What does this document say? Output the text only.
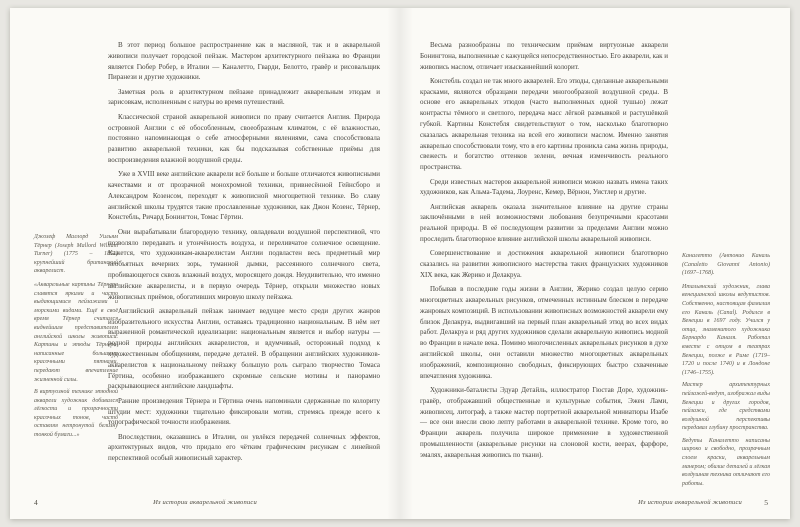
В этот период большое распространение как в масляной, так и в акварельной живописи получает городской пейзаж. Мастером архитектурного пейзажа во Франции является Гюбер Робер, в Италии — Каналетто, Гварди, Белотто, гравёр и рисовальщик Пиранези и другие художники.

Заметная роль в архитектурном пейзаже принадлежит акварельным этюдам и зарисовкам, исполненным с натуры во время путешествий.

Классической страной акварельной живописи по праву считается Англия. Природа островной Англии с её обособленным, своеобразным климатом, с её влажностью, постоянно напоминающая о себе атмосферными явлениями, сама способствовала развитию акварельной техники, как бы подсказывая собственные приёмы для воспроизведения влажной воздушной среды.

Уже в XVIII веке английские акварели всё больше и больше отличаются живописными качествами и от прозрачной монохромной техники, привнесённой Гейнсборо и Александром Козенсом, переходят к живописной многоцветной технике. Во славу английской школы трудятся такие прославленные художники, как Джон Козенс, Тёрнер, Констебль, Ричард Бонингтон, Томас Гёртин.

Они вырабатывали благородную технику, овладевали воздушной перспективой, что позволяло передавать и утончённость воздуха, и переливчатое солнечное освещение. Кажется, что художникам-акварелистам Англии подвластен весь предметный мир необъятных вечерних зорь, туманной дымки, рассеянного солнечного света, пробивающегося сквозь влажный воздух, моросящего дождя. Неудивительно, что именно английские акварелисты, и в первую очередь Тёрнер, открыли множество новых живописных приёмов, обогативших мировую школу пейзажа.

Английский акварельный пейзаж занимает ведущее место среди других жанров изобразительного искусства Англии, оставаясь традиционно национальным. В нём нет выраженной романтической идеализации: национальным является и выбор натуры — родной природы английских акварелистов, и вдумчивый, осторожный подход к художественным обобщениям, передаче деталей. В обращении английских художников-акварелистов к национальному пейзажу большую роль сыграло творчество Томаса Гёртина, особенно изображавшего скромные сельские мотивы и панорамно раскрывающиеся английские ландшафты.

Ранние произведения Тёрнера и Гёртина очень напоминали сдержанные по колориту штудии мест: художники тщательно фиксировали мотив, стремясь прежде всего к топографической точности изображения.

Впоследствии, оказавшись в Италии, он увлёкся передачей солнечных эффектов, архитектурных видов, что придало его чётким графическим рисункам с линейной перспективой особый живописный характер.

Джозеф Маллорд Уильям Тёрнер (Joseph Mallord William Turner) (1775 – 1851) крупнейший британский акварелист.

«Акварельные картины Тёрнера славятся яркими и часто выдающимися пейзажами и морскими видами. Ещё в своё время Тёрнер считался виднейшим представителем английской школы живописи. Картины и этюды Тёрнера, написанные большими красочными пятнами, передают впечатление жизненной силы.

В виртуозной технике этюдной акварели художник добивался лёгкости и прозрачности красочных тонов, часто оставляя нетронутой белизну тонкой бумаги...»

4	Из истории акварельной живописи

Весьма разнообразны по техническим приёмам виртуозные акварели Бонингтона, выполненные с кажущейся непосредственностью. Его акварели, как и живопись маслом, отличает изысканнейший колорит.

Констебль создал не так много акварелей. Его этюды, сделанные акварельными красками, являются образцами передачи многообразной воздушной среды. В основе его акварельных этюдов (часто выполненных одной тушью) лежат контрасты тёмного и светлого, передача масс лёгкой размывкой и растушёвкой губкой. Картины Констебля свидетельствуют о том, насколько благотворно сказалась акварельная техника на всей его живописи маслом. Именно занятия акварелью способствовали тому, что в его картины проникла сама жизнь природы, свежесть и богатство оттенков зелени, вечная изменчивость реального пространства.

Среди известных мастеров акварельной живописи можно назвать имена таких художников, как Альма-Тадема, Лоуренс, Кемер, Вёрнон, Уистлер и другие.

Английская акварель оказала значительное влияние на другие страны заключёнными в ней возможностями любования безупречными красотами реальной природы. В её последующем развитии за пределами Англии можно проследить благотворное влияние английской школы акварельной живописи.

Совершенствование и достижения акварельной живописи благотворно сказались на развитии живописного мастерства таких французских художников XIX века, как Жерико и Делакруа.

Побывав в последние годы жизни в Англии, Жерико создал целую серию многоцветных акварельных рисунков, отмеченных истинным блеском в передаче жанровых композиций. В использовании живописных возможностей акварели ему близок Делакруа, выдвигавший на первый план акварельный этюд во всех видах работ. Делакруа и ряд других художников сделали акварельную живопись модной во Франции в начале века. Помимо многочисленных акварельных рисунков в духе английской школы, они оставили множество многоцветных акварельных изображений, композиционно свободных, фиксирующих быстро схваченные впечатления художника.

Художники-баталисты Эдуар Детайль, иллюстратор Гюстав Доре, художник-гравёр, отображавший общественные и культурные события, Эжен Лами, живописец, литограф, а также мастер портретной акварельной миниатюры Изабе — все они внесли свою лепту работами в акварельной технике. Кроме того, во Франции акварель получила широкое применение в художественной промышленности (акварельные рисунки на слоновой кости, веерах, фарфоре, эмалях, акварельная живопись по ткани).

Каналетто (Антонио Каналь (Canaletto Giovanni Antonio) (1697–1768).

Итальянский художник, глава венецианской школы ведутистов. Собственно, настоящая фамилия его Каналь (Canal). Родился в Венеции в 1697 году. Учился у отца, знаменитого художника Бернардо Каналя. Работал вместе с отцом в театрах Венеции, позже в Риме (1719–1720 и после 1740) и в Лондоне (1746–1755).

Мастер архитектурных пейзажей-ведут, изображал виды Венеции и других городов, пейзажи, где средствами воздушной перспективы передавал глубину пространства.

Ведуты Каналетто написаны широко и свободно, прозрачным слоем краски, акварельным манером; обилие деталей и лёгкая воздушная техника отличают его работы.

Из истории акварельной живописи	5
